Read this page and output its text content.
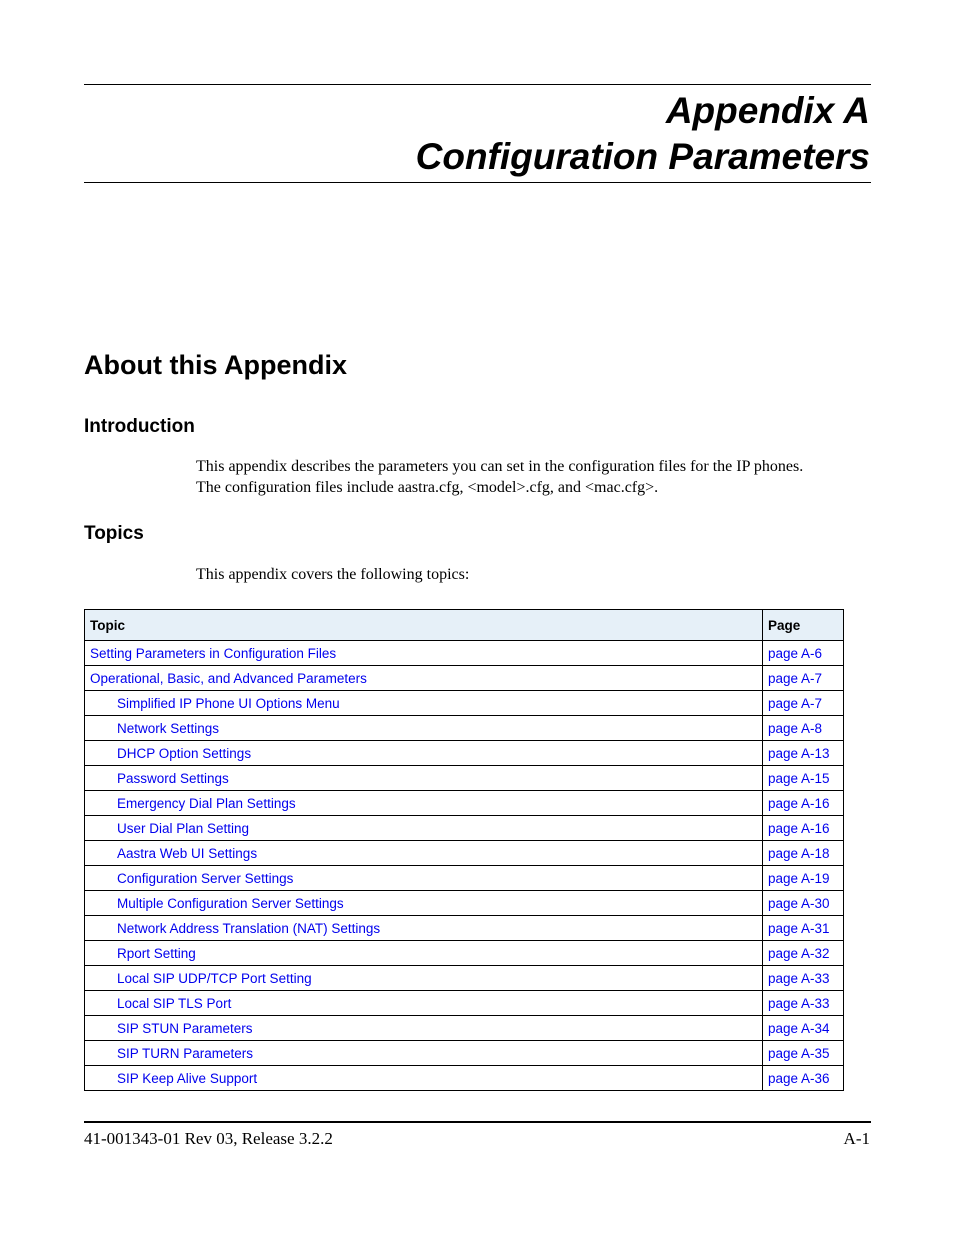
Appendix A
Configuration Parameters
About this Appendix
Introduction
This appendix describes the parameters you can set in the configuration files for the IP phones.
The configuration files include aastra.cfg, <model>.cfg, and <mac.cfg>.
Topics
This appendix covers the following topics:
Topic	Page
Setting Parameters in Configuration Files	page A-6
Operational, Basic, and Advanced Parameters	page A-7
Simplified IP Phone UI Options Menu	page A-7
Network Settings	page A-8
DHCP Option Settings	page A-13
Password Settings	page A-15
Emergency Dial Plan Settings	page A-16
User Dial Plan Setting	page A-16
Aastra Web UI Settings	page A-18
Configuration Server Settings	page A-19
Multiple Configuration Server Settings	page A-30
Network Address Translation (NAT) Settings	page A-31
Rport Setting	page A-32
Local SIP UDP/TCP Port Setting	page A-33
Local SIP TLS Port	page A-33
SIP STUN Parameters	page A-34
SIP TURN Parameters	page A-35
SIP Keep Alive Support	page A-36
41-001343-01 Rev 03, Release 3.2.2	A-1
